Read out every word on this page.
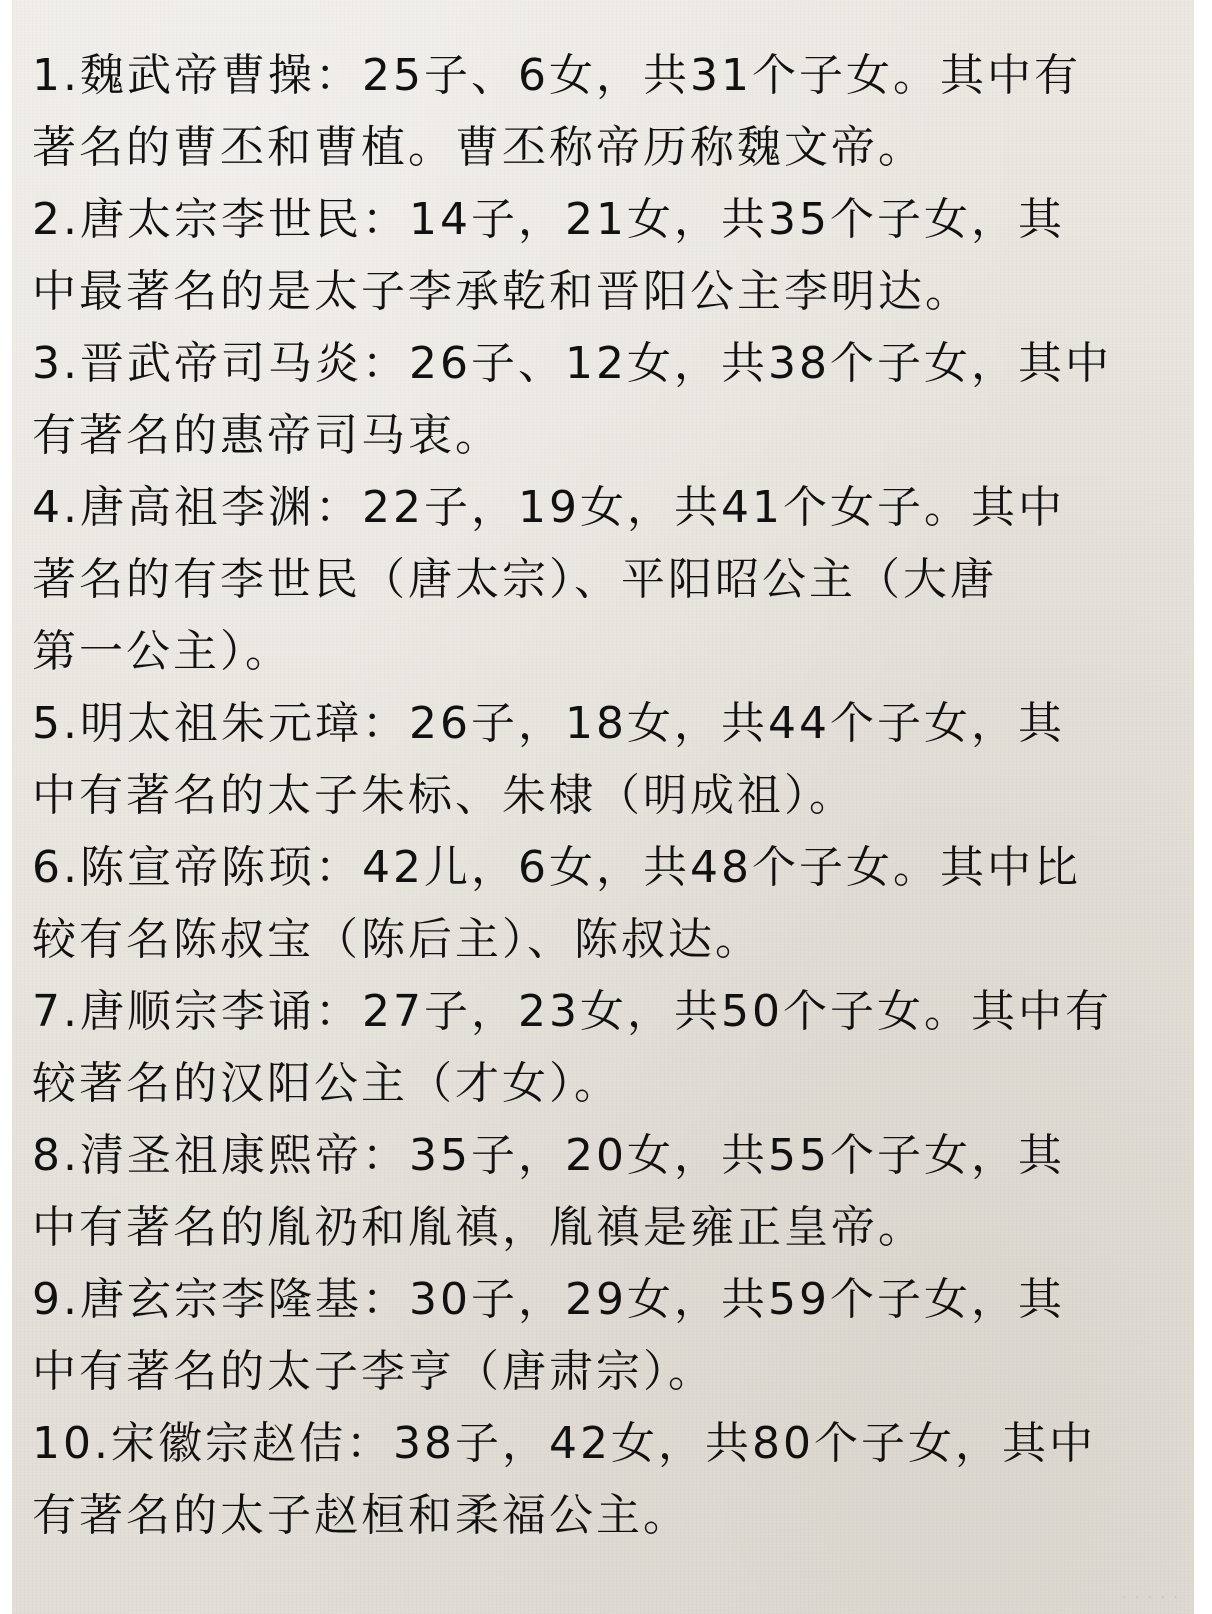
1.魏武帝曹操：25子、6女，共31个子女。其中有
著名的曹丕和曹植。曹丕称帝历称魏文帝。
2.唐太宗李世民：14子，21女，共35个子女，其
中最著名的是太子李承乾和晋阳公主李明达。
3.晋武帝司马炎：26子、12女，共38个子女，其中
有著名的惠帝司马衷。
4.唐高祖李渊：22子，19女，共41个女子。其中
著名的有李世民（唐太宗）、平阳昭公主（大唐
第一公主）。
5.明太祖朱元璋：26子，18女，共44个子女，其
中有著名的太子朱标、朱棣（明成祖）。
6.陈宣帝陈顼：42儿，6女，共48个子女。其中比
较有名陈叔宝（陈后主）、陈叔达。
7.唐顺宗李诵：27子，23女，共50个子女。其中有
较著名的汉阳公主（才女）。
8.清圣祖康熙帝：35子，20女，共55个子女，其
中有著名的胤礽和胤禛，胤禛是雍正皇帝。
9.唐玄宗李隆基：30子，29女，共59个子女，其
中有著名的太子李亨（唐肃宗）。
10.宋徽宗赵佶：38子，42女，共80个子女，其中
有著名的太子赵桓和柔福公主。
· · · · ·
